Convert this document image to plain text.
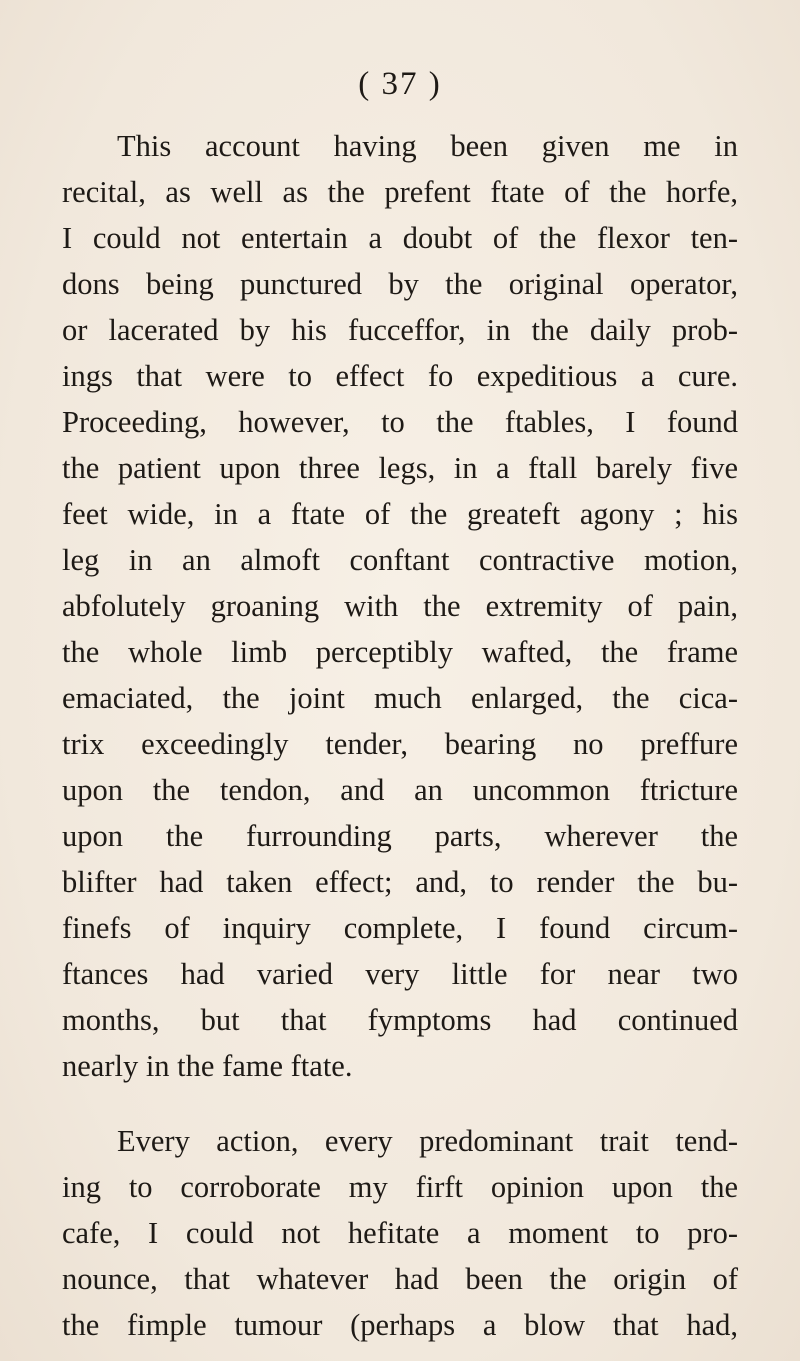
( 37 )
This account having been given me in
recital, as well as the prefent ftate of the horfe,
I could not entertain a doubt of the flexor ten-
dons being punctured by the original operator,
or lacerated by his fucceffor, in the daily prob-
ings that were to effect fo expeditious a cure.
Proceeding, however, to the ftables, I found
the patient upon three legs, in a ftall barely five
feet wide, in a ftate of the greateft agony ; his
leg in an almoft conftant contractive motion,
abfolutely groaning with the extremity of pain,
the whole limb perceptibly wafted, the frame
emaciated, the joint much enlarged, the cica-
trix exceedingly tender, bearing no preffure
upon the tendon, and an uncommon ftricture
upon the furrounding parts, wherever the
blifter had taken effect; and, to render the bu-
finefs of inquiry complete, I found circum-
ftances had varied very little for near two
months, but that fymptoms had continued
nearly in the fame ftate.
Every action, every predominant trait tend-
ing to corroborate my firft opinion upon the
cafe, I could not hefitate a moment to pro-
nounce, that whatever had been the origin of
the fimple tumour (perhaps a blow that had,
